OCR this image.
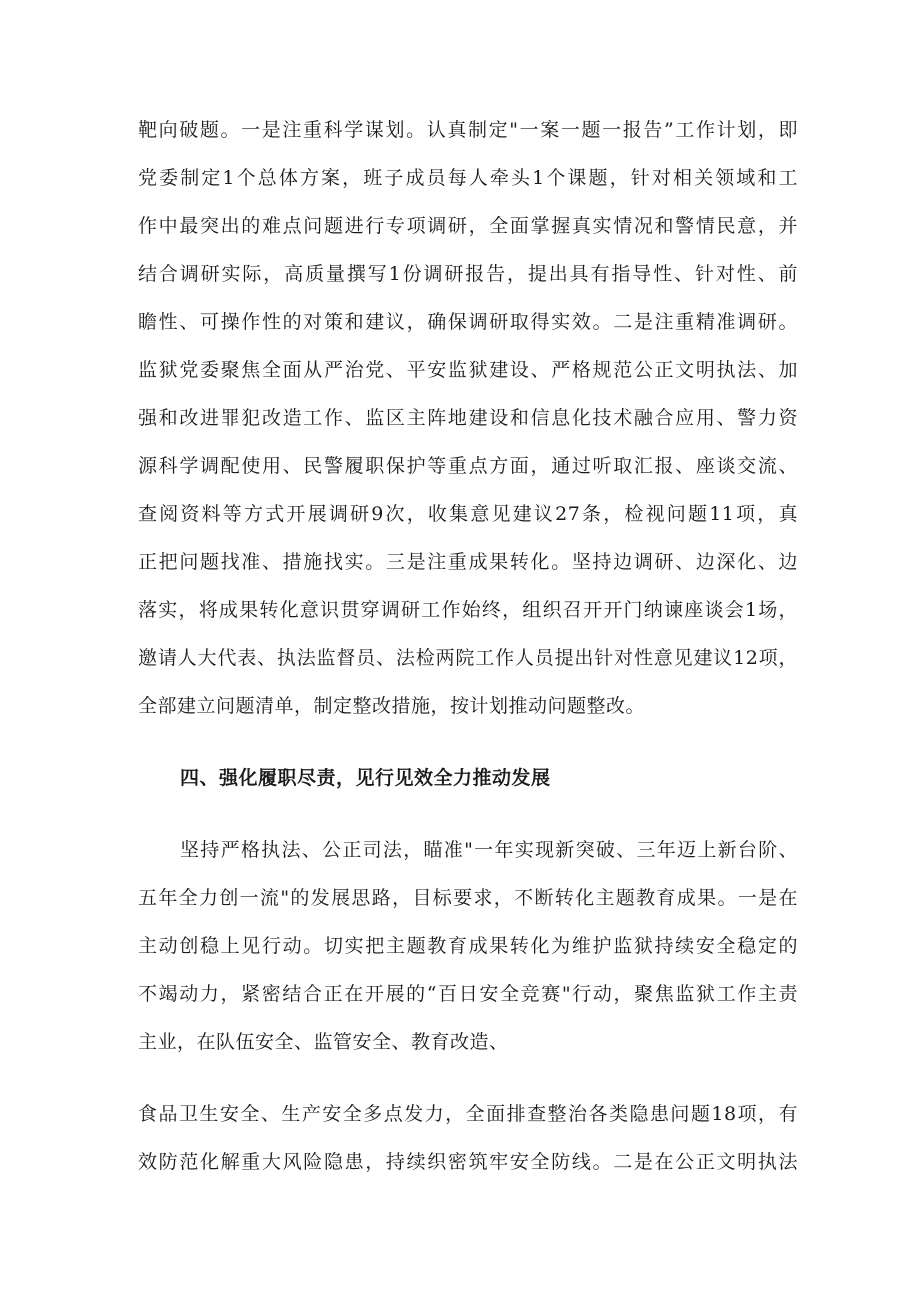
靶向破题。一是注重科学谋划。认真制定"一案一题一报告”工作计划，即
党委制定1个总体方案，班子成员每人牵头1个课题，针对相关领域和工
作中最突出的难点问题进行专项调研，全面掌握真实情况和警情民意，并
结合调研实际，高质量撰写1份调研报告，提出具有指导性、针对性、前
瞻性、可操作性的对策和建议，确保调研取得实效。二是注重精准调研。
监狱党委聚焦全面从严治党、平安监狱建设、严格规范公正文明执法、加
强和改进罪犯改造工作、监区主阵地建设和信息化技术融合应用、警力资
源科学调配使用、民警履职保护等重点方面，通过听取汇报、座谈交流、
查阅资料等方式开展调研9次，收集意见建议27条，检视问题11项，真
正把问题找准、措施找实。三是注重成果转化。坚持边调研、边深化、边
落实，将成果转化意识贯穿调研工作始终，组织召开开门纳谏座谈会1场，
邀请人大代表、执法监督员、法检两院工作人员提出针对性意见建议12项，
全部建立问题清单，制定整改措施，按计划推动问题整改。
四、强化履职尽责，见行见效全力推动发展
坚持严格执法、公正司法，瞄准"一年实现新突破、三年迈上新台阶、
五年全力创一流"的发展思路，目标要求，不断转化主题教育成果。一是在
主动创稳上见行动。切实把主题教育成果转化为维护监狱持续安全稳定的
不竭动力，紧密结合正在开展的“百日安全竞赛"行动，聚焦监狱工作主责
主业，在队伍安全、监管安全、教育改造、
食品卫生安全、生产安全多点发力，全面排查整治各类隐患问题18项，有
效防范化解重大风险隐患，持续织密筑牢安全防线。二是在公正文明执法
